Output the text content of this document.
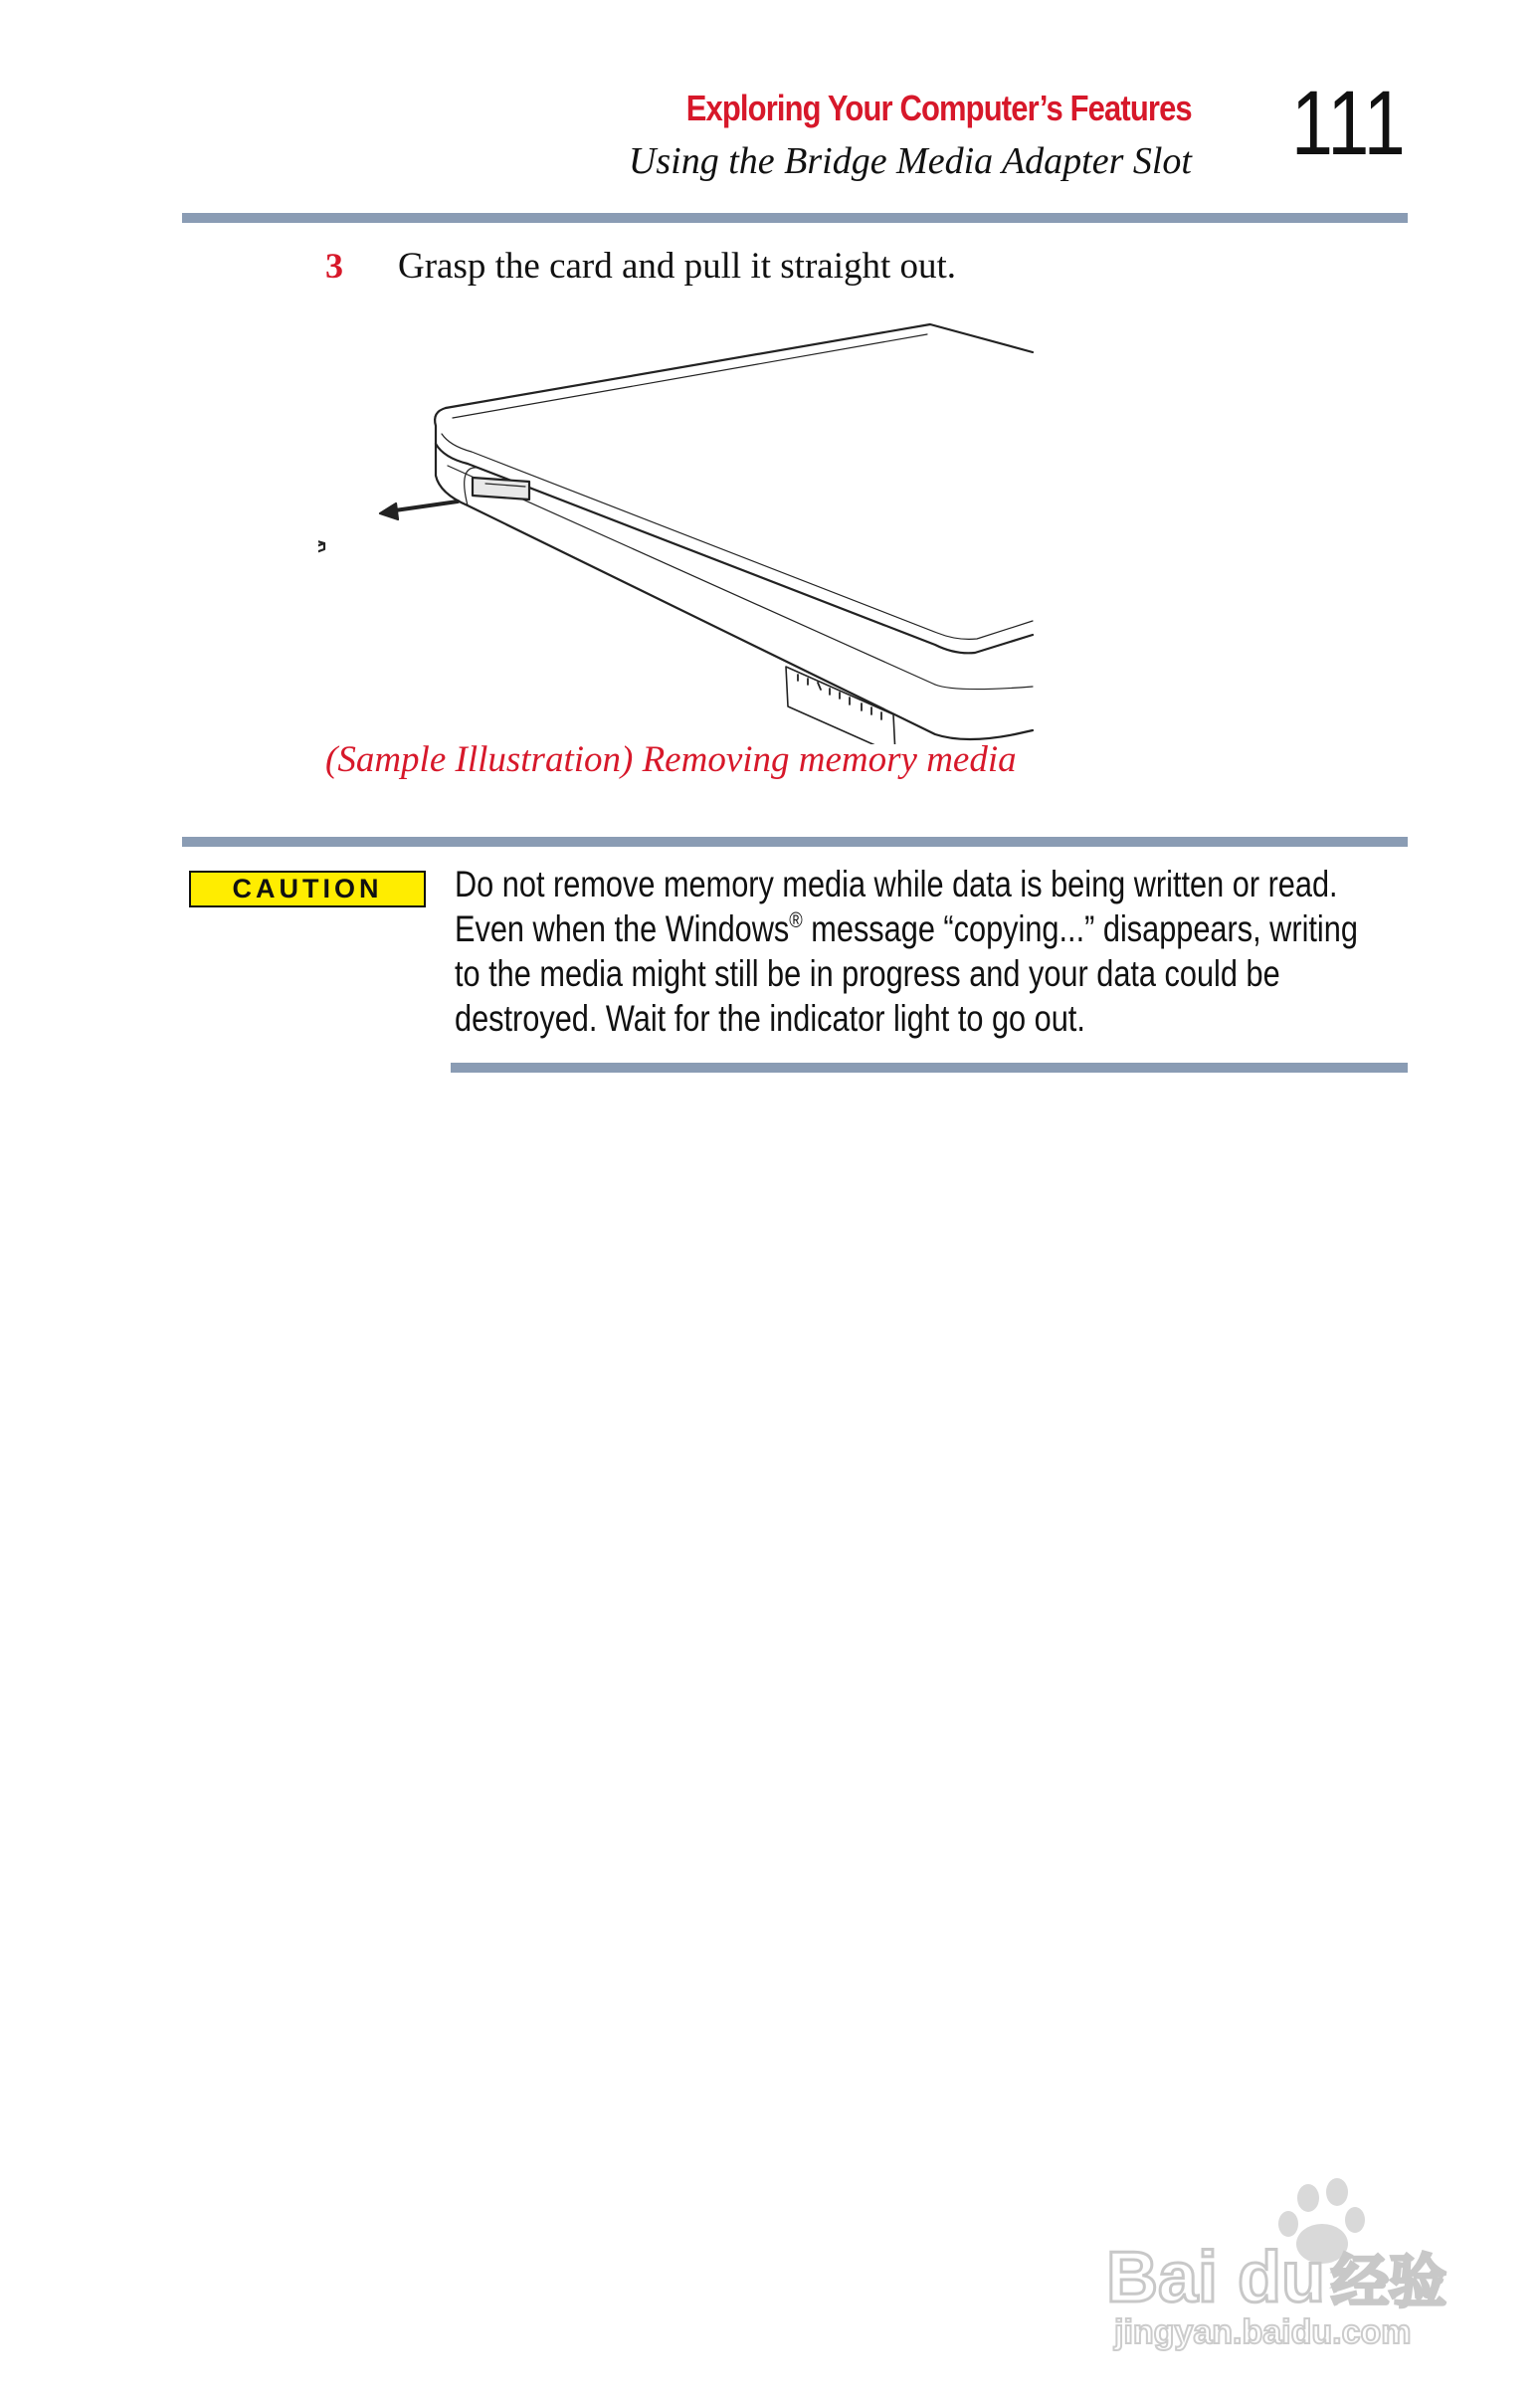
Exploring Your Computer’s Features
Using the Bridge Media Adapter Slot 111
3 Grasp the card and pull it straight out.
(Sample Illustration) Removing memory media
CAUTION	Do not remove memory media while data is being written or read.
Even when the Windows® message “copying...” disappears, writing
to the media might still be in progress and your data could be
destroyed. Wait for the indicator light to go out.
Bai du 经验
jingyan.baidu.com
